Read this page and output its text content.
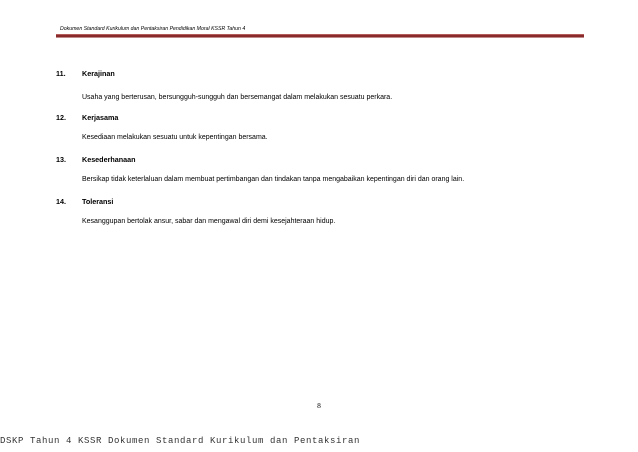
Dokumen Standard Kurikulum dan Pentaksiran Pendidikan Moral KSSR Tahun 4
11. Kerajinan
Usaha yang berterusan, bersungguh-sungguh dan bersemangat dalam melakukan sesuatu perkara.
12. Kerjasama
Kesediaan melakukan sesuatu untuk kepentingan bersama.
13. Kesederhanaan
Bersikap tidak keterlaluan dalam membuat pertimbangan dan tindakan tanpa mengabaikan kepentingan diri dan orang lain.
14. Toleransi
Kesanggupan bertolak ansur, sabar dan mengawal diri demi kesejahteraan hidup.
8
DSKP Tahun 4 KSSR Dokumen Standard Kurikulum dan Pentaksiran
